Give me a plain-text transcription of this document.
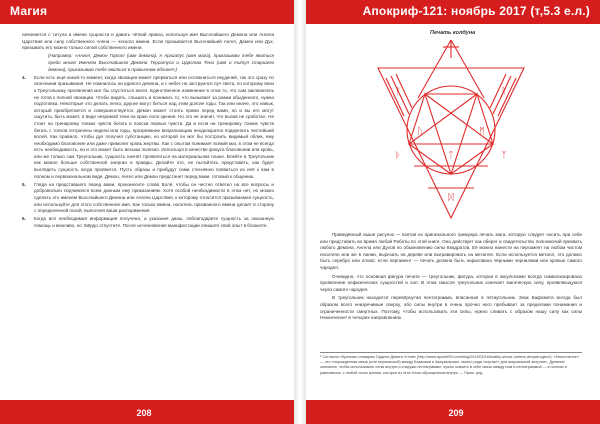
Магия

начинается с титула и имени сущности и давать чёткий приказ, используя имя Высочайшего Демона или Ангела Царствия или силу собственного члена — ческого имени. Если призывается Высочайший Ангел, Демон или Дух, призывать его можно только силой собственного имени.

(Например: «Ангел, Демон Горлал (имя демона), я Архиапус (имя мага), приказываю тебе явиться предо мною! Именем Высочайшего Демона Терратуса и Царства Тени (имя и титул старшего демона), приказываю тебе явиться в привычном облике!»)

4. Если есть ещё какой-то момент, когда эвокация может прерваться или осложниться неудачей, так это сразу по окончании призывания. Не помнилось ни единого демона, и с небес не заструился луч света, по которому вниз к Треугольнику проявления мог бы спуститься ангел. Единственное изменение в этом то, что сам заклинатель не готов к полной эвокации. Чтобы видеть, слышать и понимать то, что вызывает за рамки обыденного, нужна подготовка. Некоторые это делать легко, другие могут биться над этим долгие годы. Так или иначе, это навык, который приобретается и совершенствуется. Демон может стоять прямо перед вами, но и вы его могут ощутить, быть может, в виде незримой тени на краю поля зрения. Но это не значит, что вызов не сработал. Не стоит на тренировку тонких чувств бегать в поиски первых чувств. Да и если ни тренировку тонких чувств бегать с толков потрачены недели или годы, прозревание визуализацию неоднократно подкрепить чистейшей волей. Как правило, чтобы дух получил субстанцию, из которой он мог бы построить видимый облик, ему необходимо благовоние или даже примолит кровь жертвы. Как с опытом понимает всякий маг, в этом не всегда есть необходимость, но и это может быть весьма полезно. Используя в качестве фокуса благовонии или кровь, или же только сам Треугольник, сущность начнёт проявляться на материальном плане. Влейте в Треугольник как можно больше собственной энергии и правды. Делайте это, не пытайтесь представить, как будет выглядеть сущность когда проявится. Пусть образы и прибудут сами стеснённо появиться из неё к вам в полном и первоначальном виде. Демон, Ангел или Демон предстанет перед вами, готовый к общению.
5. Гляда на представшего перед вами, произнесите слово Боля, чтобы он честно ответил на все вопросы и добровольно подчинился всем данным ему приказаниям. Хотя особой необходимости в этом нет, но можно сделать это именем Высочайшего Демона или Ангела Царствия, к которому относится призываемая сущность, или используйте для этого собственное имя. Как только имена, носитель призванного имени делает в сторону с определенной позой, выполняя ваши распоряжения.
6. Когда вся необходимая информация получена, а указания даны, поблагодарите сущность за оказанную помощь и вежливо, но твёрдо отпустите. После исчезновения манифестации опишите свой опыт в блокноте.
208
Апокриф-121: ноябрь 2017 (т,5.3 е.л.)
Печать колдуна
ᚠ	ᚱ
ᚢ	ᛗ
ᛏ
ᚦ	ᛉ
ᛞ
209

Приведённый выше рисунок — взятая из оригинального гримуара печать мага, которую следует носить при себе или представить во время любой Работы по этой книге. Она действует как оберег и свидетельство полномочий призвать любого Демона, Ангела или Духов по обыкновению силы Квадратов. Её можно нанести на пергамент на любом чистом носителе или же в линии, вырезать на дереве или выгравировать на металле. Если используется металл, это должно быть серебро или олово; если пергамент — печать должна быть нарисована чёрными чернилами или кровью самого чародея.

Очевидно, что основная фигура печати — треугольник, фигура, которая в оккультизме всегда символизировала проявление нефизических сущностей и сил. В этом смысле треугольник означает магическую силу, проявляющуюся через самого чародея.

В треугольник находится перевёрнутая пентаграмма, вписанная в пятиугольник. Знак Бафомета всегда был образом всего неизречимые сверху, обо силы внутри в очень прочно него пребывает за пределами понимания и ограниченности смертных. Поэтому, чтобы использовать эти силы, нужно сливать с образом нашу силу как силы Неконченое¹ в четырех направлениях.

¹ Согласно «Кратким словарям Ордена Девяти Углов» (http://www.apokrif93.com/blog/2013/02/16/kratkiy-slovar-ordena-devyati-uglov/): «Неконченое» — это «порожденная связь (или перемычкой) между Казаками и Акаузальным, своего рода «портал» для акаузальной энергии». Древние описания, чтобы использовать силы внутри и снаружи пентаграммы, нужно освоить в себе связь между ним и пентаграммой — в полном и равновесии, с любой точки зрения, которое из этих точек обращенным внутрь — Прим. ред.
